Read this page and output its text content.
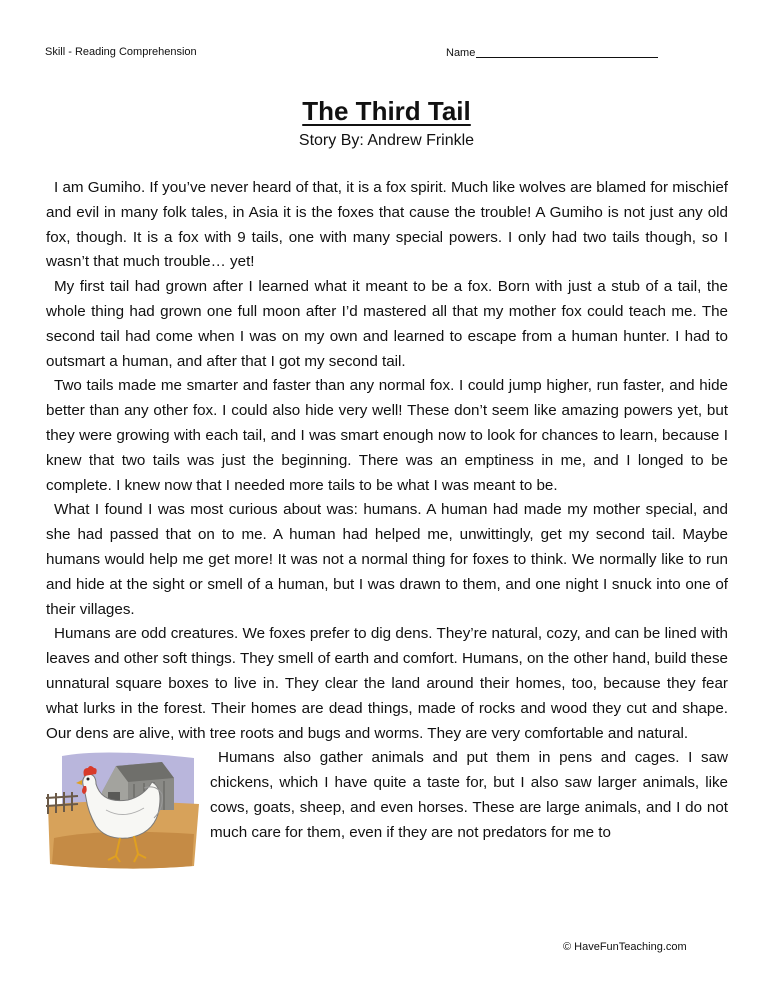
Skill - Reading Comprehension	Name
The Third Tail
Story By: Andrew Frinkle

I am Gumiho. If you’ve never heard of that, it is a fox spirit. Much like wolves are blamed for mischief and evil in many folk tales, in Asia it is the foxes that cause the trouble! A Gumiho is not just any old fox, though. It is a fox with 9 tails, one with many special powers. I only had two tails though, so I wasn’t that much trouble… yet!

My first tail had grown after I learned what it meant to be a fox. Born with just a stub of a tail, the whole thing had grown one full moon after I’d mastered all that my mother fox could teach me. The second tail had come when I was on my own and learned to escape from a human hunter. I had to outsmart a human, and after that I got my second tail.

Two tails made me smarter and faster than any normal fox. I could jump higher, run faster, and hide better than any other fox. I could also hide very well! These don’t seem like amazing powers yet, but they were growing with each tail, and I was smart enough now to look for chances to learn, because I knew that two tails was just the beginning. There was an emptiness in me, and I longed to be complete. I knew now that I needed more tails to be what I was meant to be.

What I found I was most curious about was: humans. A human had made my mother special, and she had passed that on to me. A human had helped me, unwittingly, get my second tail. Maybe humans would help me get more! It was not a normal thing for foxes to think. We normally like to run and hide at the sight or smell of a human, but I was drawn to them, and one night I snuck into one of their villages.

Humans are odd creatures. We foxes prefer to dig dens. They’re natural, cozy, and can be lined with leaves and other soft things. They smell of earth and comfort. Humans, on the other hand, build these unnatural square boxes to live in. They clear the land around their homes, too, because they fear what lurks in the forest. Their homes are dead things, made of rocks and wood they cut and shape. Our dens are alive, with tree roots and bugs and worms. They are very comfortable and natural.

Humans also gather animals and put them in pens and cages. I saw chickens, which I have quite a taste for, but I also saw larger animals, like cows, goats, sheep, and even horses. These are large animals, and I do not much care for them, even if they are not predators for me to

© HaveFunTeaching.com
